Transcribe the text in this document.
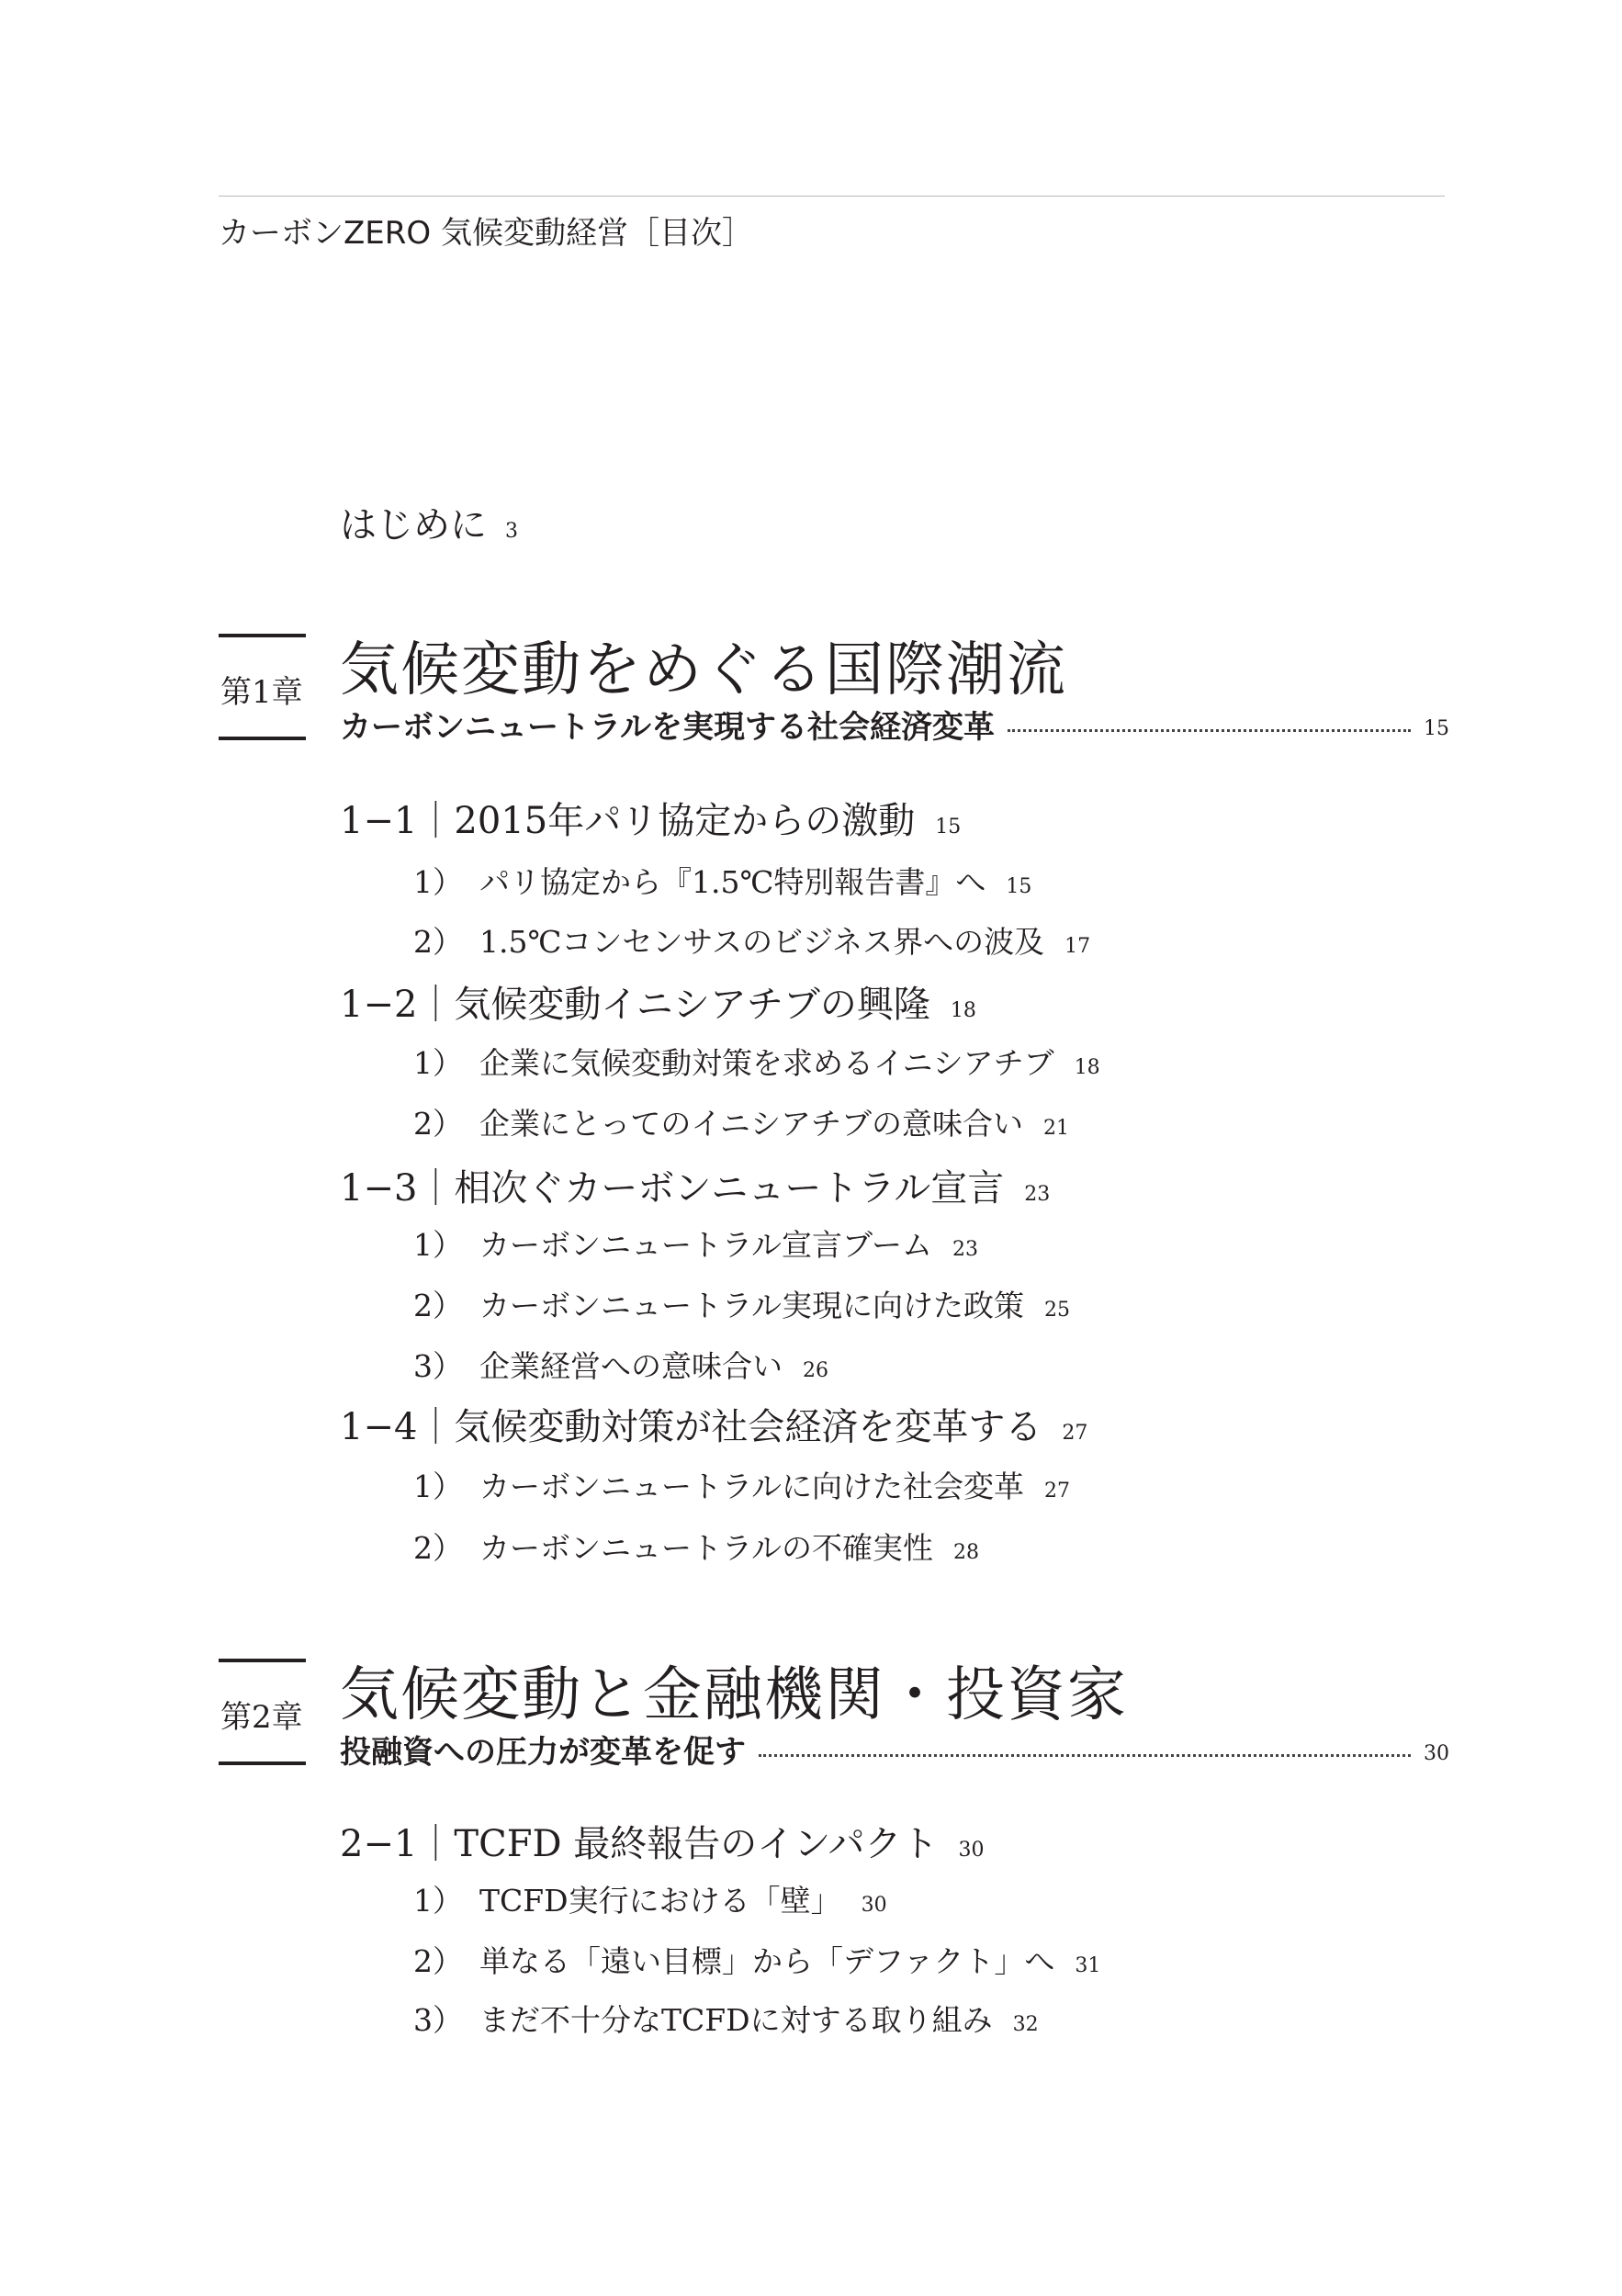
カーボンZERO 気候変動経営［目次］
はじめに 3
第1章 気候変動をめぐる国際潮流
カーボンニュートラルを実現する社会経済変革	15
1−1｜2015年パリ協定からの激動 15
1） パリ協定から『1.5℃特別報告書』へ 15
2） 1.5℃コンセンサスのビジネス界への波及 17
1−2｜気候変動イニシアチブの興隆 18
1） 企業に気候変動対策を求めるイニシアチブ 18
2） 企業にとってのイニシアチブの意味合い 21
1−3｜相次ぐカーボンニュートラル宣言 23
1） カーボンニュートラル宣言ブーム 23
2） カーボンニュートラル実現に向けた政策 25
3） 企業経営への意味合い 26
1−4｜気候変動対策が社会経済を変革する 27
1） カーボンニュートラルに向けた社会変革 27
2） カーボンニュートラルの不確実性 28
第2章 気候変動と金融機関・投資家
投融資への圧力が変革を促す	30
2−1｜TCFD 最終報告のインパクト 30
1） TCFD実行における「壁」 30
2） 単なる「遠い目標」から「デファクト」へ 31
3） まだ不十分なTCFDに対する取り組み 32
